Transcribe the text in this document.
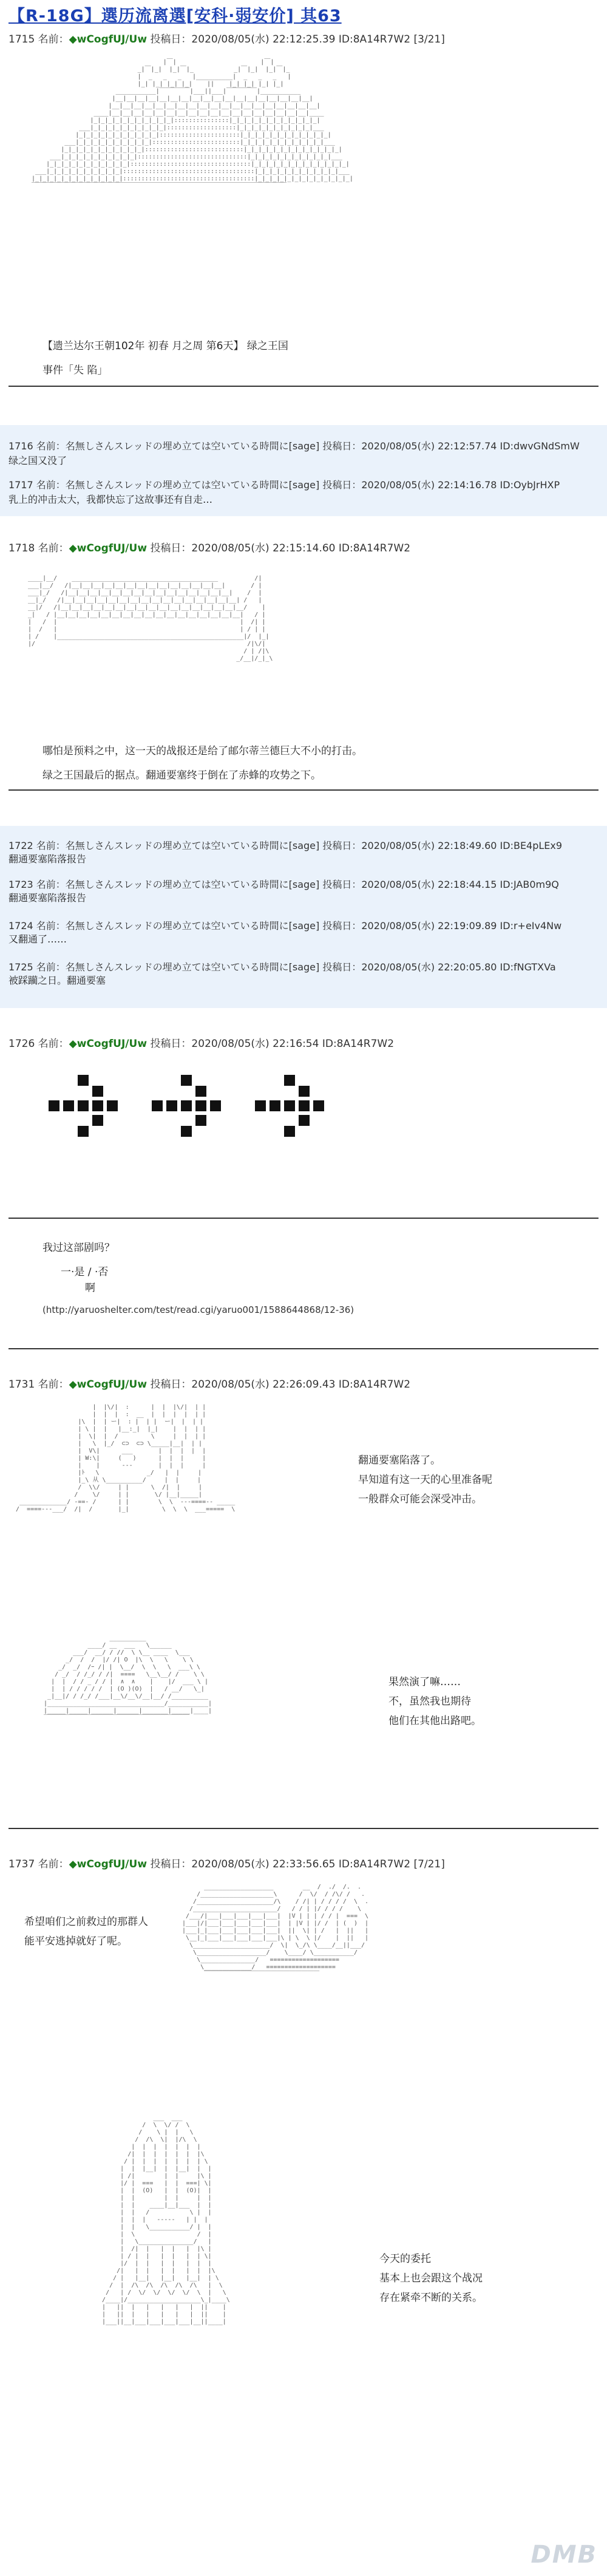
【R-18G】選历流离選[安科·弱安价] 其63
1715 名前：◆wCogfUJ/Uw 投稿日：2020/08/05(水) 22:12:25.39 ID:8A14R7W2 [3/21]

|￣|                       |￣|
_|￣|_|  |_|￣|_           _|￣|_|  |_|￣|_
|  _   _   _   |__________|  _   _   _   |
|_| |_| |_| |_|    ||    |_| |_| |_| |_|
___________|￣￣￣￣￣|___||___|￣￣￣￣￣|___________
|__|__|__|__|__|__|__|__|__|__|__|__|__|__|__|__|__|__|
|__|__|__|__|__|__|__|__|__|__|__|__|__|__|__|__|__|__|__|
____|__|__|__|__|__|__|__|__|__|__|__|__|__|__|__|__|__|__|____
|_|_|_|_|_|_|_|_|_|_|_|:::::::::::::::|_|_|_|_|_|_|_|_|_|_|_|_|
___|_|_|_|_|_|_|_|_|_|_|:::::::::::::::::::|_|_|_|_|_|_|_|_|_|_|___
|_|_|_|_|_|_|_|_|_|_|_|::::::::::::::::::::::|_|_|_|_|_|_|_|_|_|_|_|_|
___|_|_|_|_|_|_|_|_|_|_|::::::::::::::::::::::::|_|_|_|_|_|_|_|_|_|_|_|___
|_|_|_|_|_|_|_|_|_|_|_|:::::::::::::::::::::::::::|_|_|_|_|_|_|_|_|_|_|_|_|_|
___|_|_|_|_|_|_|_|_|_|_|::::::::::::::::::::::::::::::|_|_|_|_|_|_|_|_|_|_|_|___
|_|_|_|_|_|_|_|_|_|_|_|:::::::::::::::::::::::::::::::::|_|_|_|_|_|_|_|_|_|_|_|_|_|
___|_|_|_|_|_|_|_|_|_|_|::::::::::::::::::::::::::::::::::::|_|_|_|_|_|_|_|_|_|_|_|___
|_|_|_|_|_|_|_|_|_|_|_|_|::::::::::::::::::::::::::::::::::::|_|_|_|_|_|_|_|_|_|_|_|_|_|
￣￣￣￣￣￣￣￣￣￣￣￣￣￣￣￣￣￣￣￣￣￣￣￣￣￣￣￣￣￣￣￣￣￣￣￣￣￣￣￣￣￣

【遗兰达尔王朝102年 初春 月之周 第6天】 绿之王国
事件「失 陷」
1716 名前：名無しさんスレッドの埋め立ては空いている時間に[sage] 投稿日：2020/08/05(水) 22:12:57.74 ID:dwvGNdSmW
绿之国又没了
1717 名前：名無しさんスレッドの埋め立ては空いている時間に[sage] 投稿日：2020/08/05(水) 22:14:16.78 ID:OybJrHXP
乳上的冲击太大，我都快忘了这故事还有自走…
1718 名前：◆wCogfUJ/Uw 投稿日：2020/08/05(水) 22:15:14.60 ID:8A14R7W2

____|__/    ________________________________________          /|
___|__/   /|__|__|__|__|__|__|__|__|__|__|__|__|__|__|       / |
___|_/   /|__|__|__|__|__|__|__|__|__|__|__|__|__|__|__|    /  |
__|_/   /|__|__|__|__|__|__|__|__|__|__|__|__|__|__|__|__| /   |
__|/   /|__|__|__|__|__|__|__|__|__|__|__|__|__|__|__|__|__/    |
_|   / |__|__|__|__|__|__|__|__|__|__|__|__|__|__|__|__|__|   / |
|   /  |                                                  |  /| |
|  /   |                                                  | / | |
| /    |___________________________________________________|/  |_|
|/                                                          /|\/|
/ | /|\
_/__|/_|_\

哪怕是预料之中，这一天的战报还是给了邮尔蒂兰德巨大不小的打击。
绿之王国最后的据点。翻通要塞终于倒在了赤蜂的攻势之下。
1722 名前：名無しさんスレッドの埋め立ては空いている時間に[sage] 投稿日：2020/08/05(水) 22:18:49.60 ID:BE4pLEx9
翻通要塞陷落报告
1723 名前：名無しさんスレッドの埋め立ては空いている時間に[sage] 投稿日：2020/08/05(水) 22:18:44.15 ID:JAB0m9Q
翻通要塞陷落报告
1724 名前：名無しさんスレッドの埋め立ては空いている時間に[sage] 投稿日：2020/08/05(水) 22:19:09.89 ID:r+eIv4Nw
又翻通了……
1725 名前：名無しさんスレッドの埋め立ては空いている時間に[sage] 投稿日：2020/08/05(水) 22:20:05.80 ID:fNGTXVa
被踩躏之日。翻通要塞
1726 名前：◆wCogfUJ/Uw 投稿日：2020/08/05(水) 22:16:54 ID:8A14R7W2
我过这部剧吗？
一·是 / ·否
啊
(http://yaruoshelter.com/test/read.cgi/yaruo001/1588644868/12-36)
1731 名前：◆wCogfUJ/Uw 投稿日：2020/08/05(水) 22:26:09.43 ID:8A14R7W2

|  |\/|  :      |  |  |\/|  | |
|  |  |  :  __  |  |  |  |  | |
|\  |  | ー|  : |  | |  ー|  |  | |
| \ |  |   |__:_|  |_|    |  |  | |
|  \|  |  /         \     |  |  | |
|   \  |_/  ⊂⊃  ⊂⊃ \_____|__|  | |
|  V\|      ___       |  |  |  |  |
| W:\|     (   )      |  |  |     |
|    |      ---       |  |  |     |
|ﾄ   \             _/   |  |     |
|_\ 从 \__________/     |  |     |
/  \\/     | |      \  /|  |     |
/    \/     | |       \/ |__|_____|
_____________/ -==- /      | |        \  \  ---====-- _____
/  ====---___/  /|  /       |_|         \  \  \  ___=====  \

翻通要塞陷落了。
早知道有这一天的心里准备呢
一般群众可能会深受冲击。

__________
____/ __  ___   \______
___/  __/ / //  \ \__ ____  \___
_/  /  /  |/ /| O  |\  \   \    \ \
_/  _/  /ｰ /| |  \__/  \  \   \  ___\ \
/ _/  / /_/ / /|  ====   \__\__/ /    \ \
|  |  / / _ / / |  ∧  ∧    |    |/  ___ \ |
|  | / / / / /  | (O )(O)  |   / __/   \_|
_|__|/ / /_/ /___|__\/__\/__|__/ /__________
|________________________________/___________|
|_____|_____|______|______|_______|_____|____|
￣￣￣￣￣￣￣￣￣￣￣￣￣￣￣￣￣￣￣￣￣￣￣￣

果然演了嘛……
不，虽然我也期待
他们在其他出路吧。
1737 名前：◆wCogfUJ/Uw 投稿日：2020/08/05(水) 22:33:56.65 ID:8A14R7W2 [7/21]
希望咱们之前救过的那群人
能平安逃掉就好了呢。

___________________        __  /  ./  /.  .
/____________________\      /  \/  / /\/ /   .
/_____________________/\    / /| | / / / /  \  .
/_______________________/   / / | |/ / / /    \
/___/|___|___|___|___|___|  |V | | | / / |  ===  \
|___|/|___|___|___|___|___|  | |V | |/ /  | (  )  |
|___|_|___|___|___|___|___|  ||  \| | /   |  ||   |
\__|_|___|___|___|___|___|\ | \  \ |/    |  ||   |
\_____________________/  \|  \_/\ \____/__||___/
\___________________/    \____/ \___________/
\_______________/   ===================
\_____________/   ===================
￣￣￣￣￣￣￣￣￣￣￣￣￣￣￣￣￣￣￣

___  ___
/  \  \/ /  \
/    \ |  |   \
/  /\  \|  |/\  \
|  |  |  |  |  |  |
/|  |  |  |  |  |  |\
/ |  |  |  |  |  |  | \
|  |  |__|  |  |__|  |  |
| /|        |  |     |\ |
|/ |  ===   |  |  ===| \|
|  |  (O)   |  |  (O)|  |
|  |        |  |     |  |
|  |    ____|__|___  |  |
|  |   /           \ |  |
|  |  |   ‐‐‐‐‐   | |  |
|  |   \___________/ |  |
|  \                 /  |
|   \_______________/   |
|  /|  |   |  |   |  |\ |
| / |  |   |  |   |  | \|
|/  |  |   |  |   |  |  |
/|   |  |   |  |   |  |  |\
/ |   |__|   |__|   |__|  | \
/  |  /\  /\  /\  /\  /\   |  \
/   | /  \/  \/  \/  \/  \  |   \
/____|/____________________\_|____\
|   ||  |   |   |   |   |  ||    |
|   ||  |   |   |   |   |  ||    |
|___||__|___|___|___|___|__||____|

今天的委托
基本上也会跟这个战况
存在紧牵不断的关系。
DMB
